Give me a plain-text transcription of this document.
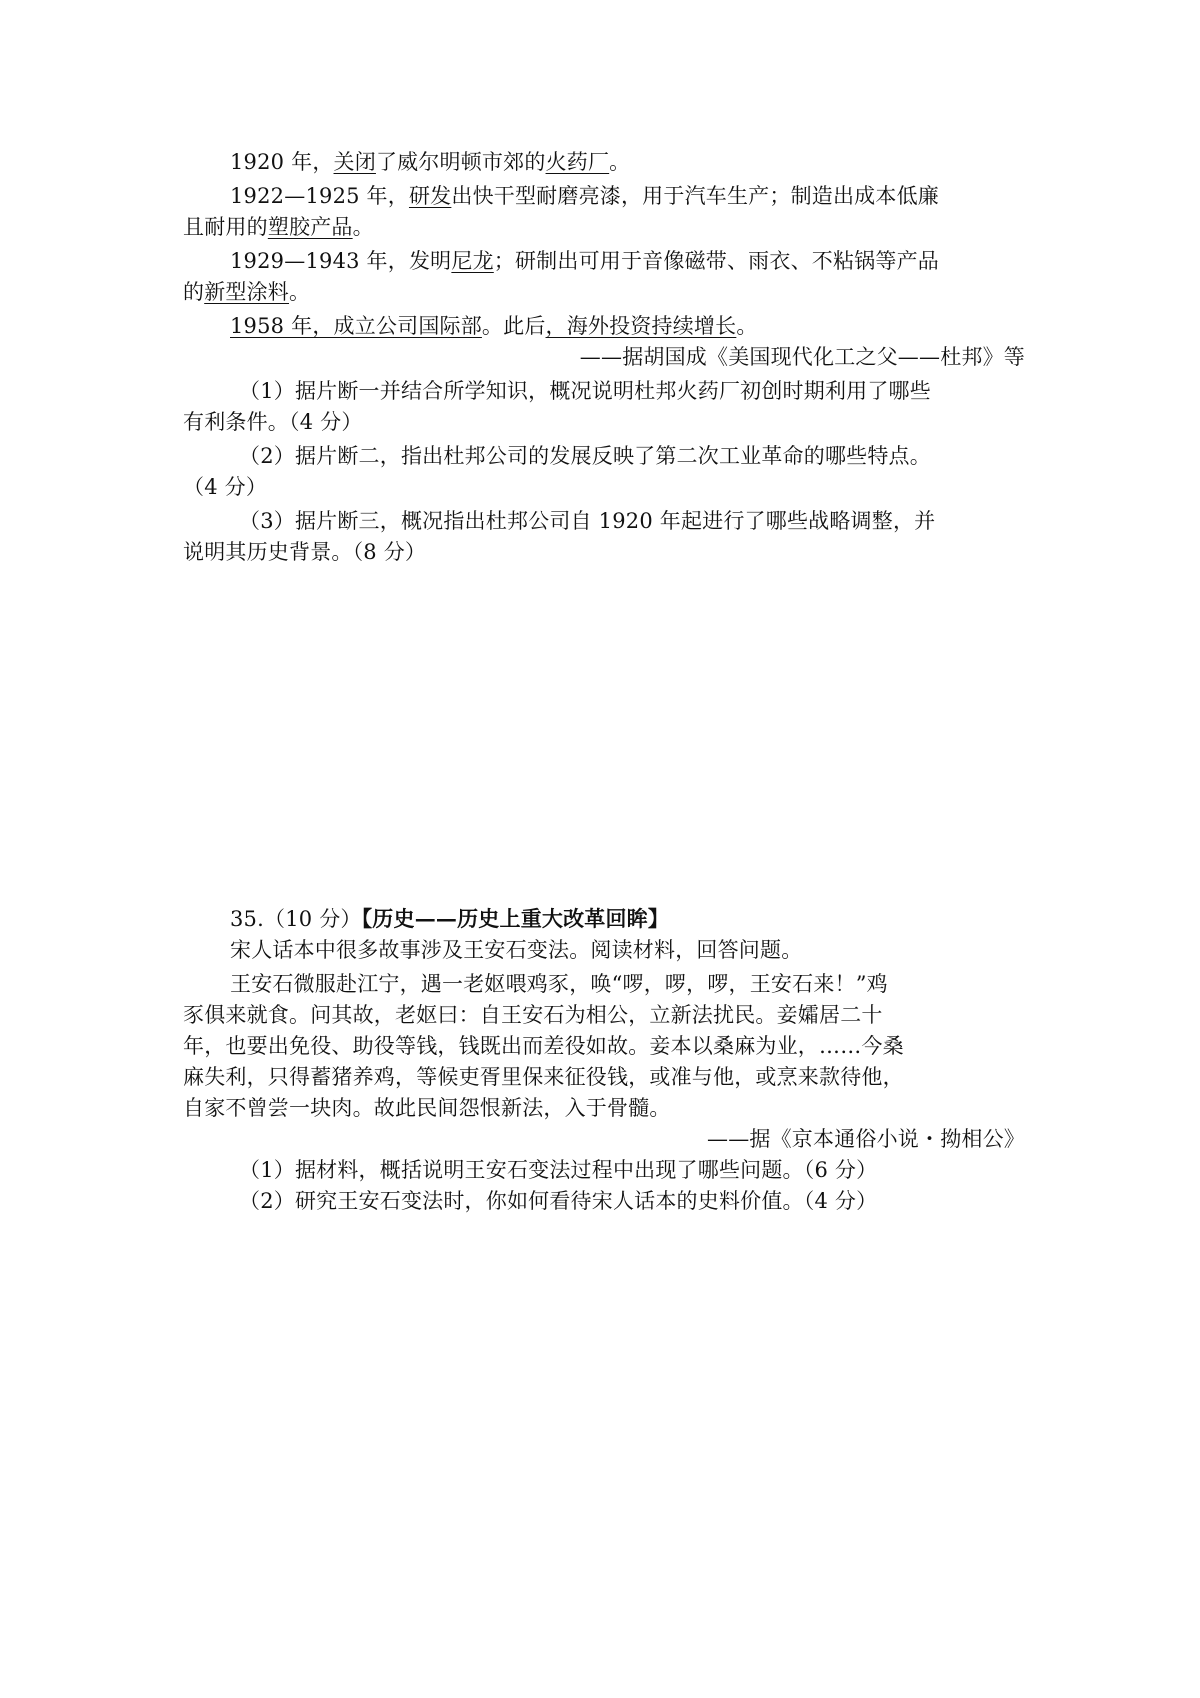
1920 年，关闭了威尔明顿市郊的火药厂。
1922—1925 年，研发出快干型耐磨亮漆，用于汽车生产；制造出成本低廉
且耐用的塑胶产品。
1929—1943 年，发明尼龙；研制出可用于音像磁带、雨衣、不粘锅等产品
的新型涂料。
1958 年，成立公司国际部。此后，海外投资持续增长。
——据胡国成《美国现代化工之父——杜邦》等
（1）据片断一并结合所学知识，概况说明杜邦火药厂初创时期利用了哪些
有利条件。（4 分）
（2）据片断二，指出杜邦公司的发展反映了第二次工业革命的哪些特点。
（4 分）
（3）据片断三，概况指出杜邦公司自 1920 年起进行了哪些战略调整，并
说明其历史背景。（8 分）
35.（10 分）【历史——历史上重大改革回眸】
宋人话本中很多故事涉及王安石变法。阅读材料，回答问题。
王安石微服赴江宁，遇一老妪喂鸡豕，唤“啰，啰，啰，王安石来！”鸡
豕俱来就食。问其故，老妪曰：自王安石为相公，立新法扰民。妾孀居二十
年，也要出免役、助役等钱，钱既出而差役如故。妾本以桑麻为业，……今桑
麻失利，只得蓄猪养鸡，等候吏胥里保来征役钱，或准与他，或烹来款待他，
自家不曾尝一块肉。故此民间怨恨新法，入于骨髓。
——据《京本通俗小说・拗相公》
（1）据材料，概括说明王安石变法过程中出现了哪些问题。（6 分）
（2）研究王安石变法时，你如何看待宋人话本的史料价值。（4 分）
